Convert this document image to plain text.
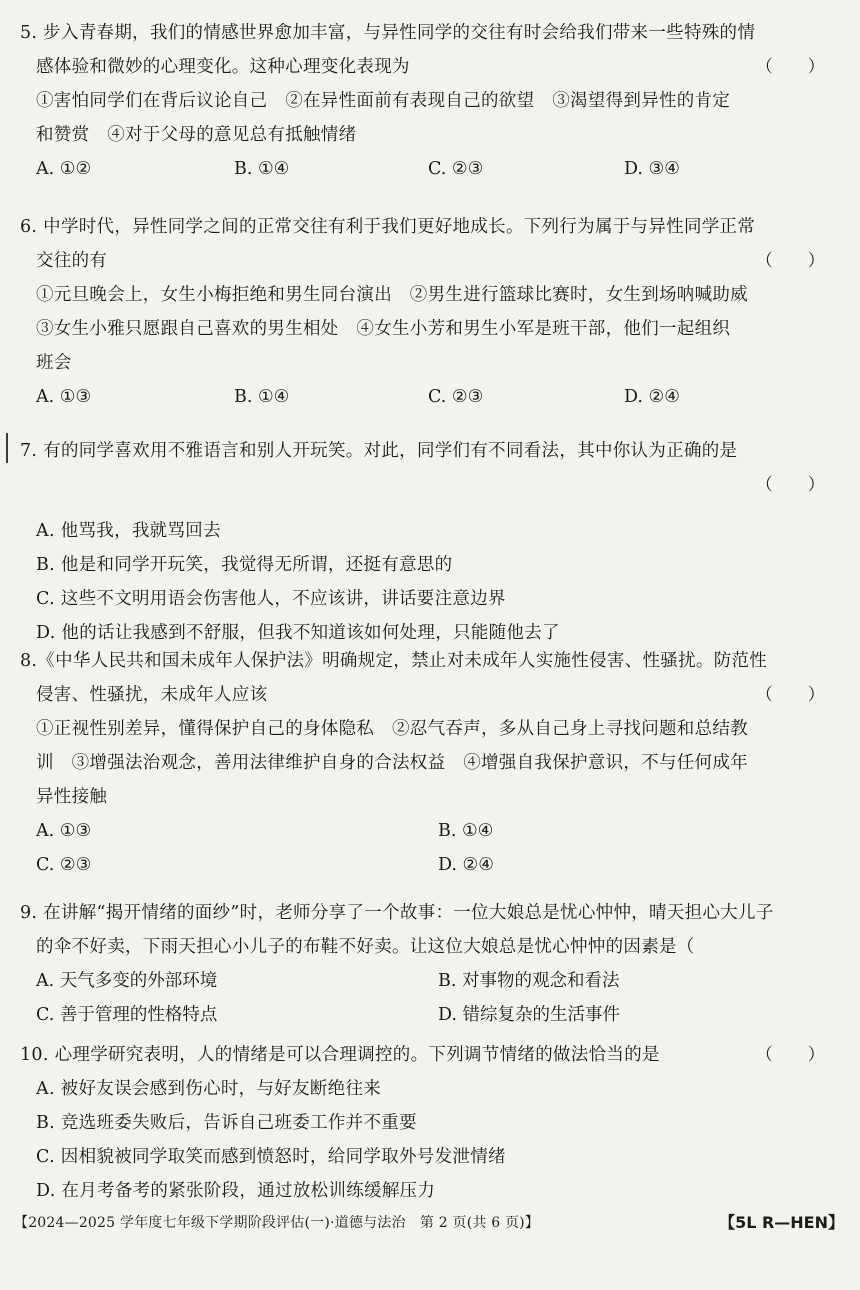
5. 步入青春期，我们的情感世界愈加丰富，与异性同学的交往有时会给我们带来一些特殊的情
感体验和微妙的心理变化。这种心理变化表现为	（　　）
①害怕同学们在背后议论自己　②在异性面前有表现自己的欲望　③渴望得到异性的肯定
和赞赏　④对于父母的意见总有抵触情绪
A. ①②	B. ①④	C. ②③	D. ③④
6. 中学时代，异性同学之间的正常交往有利于我们更好地成长。下列行为属于与异性同学正常
交往的有	（　　）
①元旦晚会上，女生小梅拒绝和男生同台演出　②男生进行篮球比赛时，女生到场呐喊助威
③女生小雅只愿跟自己喜欢的男生相处　④女生小芳和男生小军是班干部，他们一起组织
班会
A. ①③	B. ①④	C. ②③	D. ②④
7. 有的同学喜欢用不雅语言和别人开玩笑。对此，同学们有不同看法，其中你认为正确的是
（　　）
A. 他骂我，我就骂回去
B. 他是和同学开玩笑，我觉得无所谓，还挺有意思的
C. 这些不文明用语会伤害他人，不应该讲，讲话要注意边界
D. 他的话让我感到不舒服，但我不知道该如何处理，只能随他去了
8.《中华人民共和国未成年人保护法》明确规定，禁止对未成年人实施性侵害、性骚扰。防范性
侵害、性骚扰，未成年人应该	（　　）
①正视性别差异，懂得保护自己的身体隐私　②忍气吞声，多从自己身上寻找问题和总结教
训　③增强法治观念，善用法律维护自身的合法权益　④增强自我保护意识，不与任何成年
异性接触
A. ①③	B. ①④
C. ②③	D. ②④
9. 在讲解“揭开情绪的面纱”时，老师分享了一个故事：一位大娘总是忧心忡忡，晴天担心大儿子
的伞不好卖，下雨天担心小儿子的布鞋不好卖。让这位大娘总是忧心忡忡的因素是（
A. 天气多变的外部环境	B. 对事物的观念和看法
C. 善于管理的性格特点	D. 错综复杂的生活事件
10. 心理学研究表明，人的情绪是可以合理调控的。下列调节情绪的做法恰当的是	（　　）
A. 被好友误会感到伤心时，与好友断绝往来
B. 竞选班委失败后，告诉自己班委工作并不重要
C. 因相貌被同学取笑而感到愤怒时，给同学取外号发泄情绪
D. 在月考备考的紧张阶段，通过放松训练缓解压力
【2024—2025 学年度七年级下学期阶段评估(一)·道德与法治　第 2 页(共 6 页)】	【5L R—HEN】
